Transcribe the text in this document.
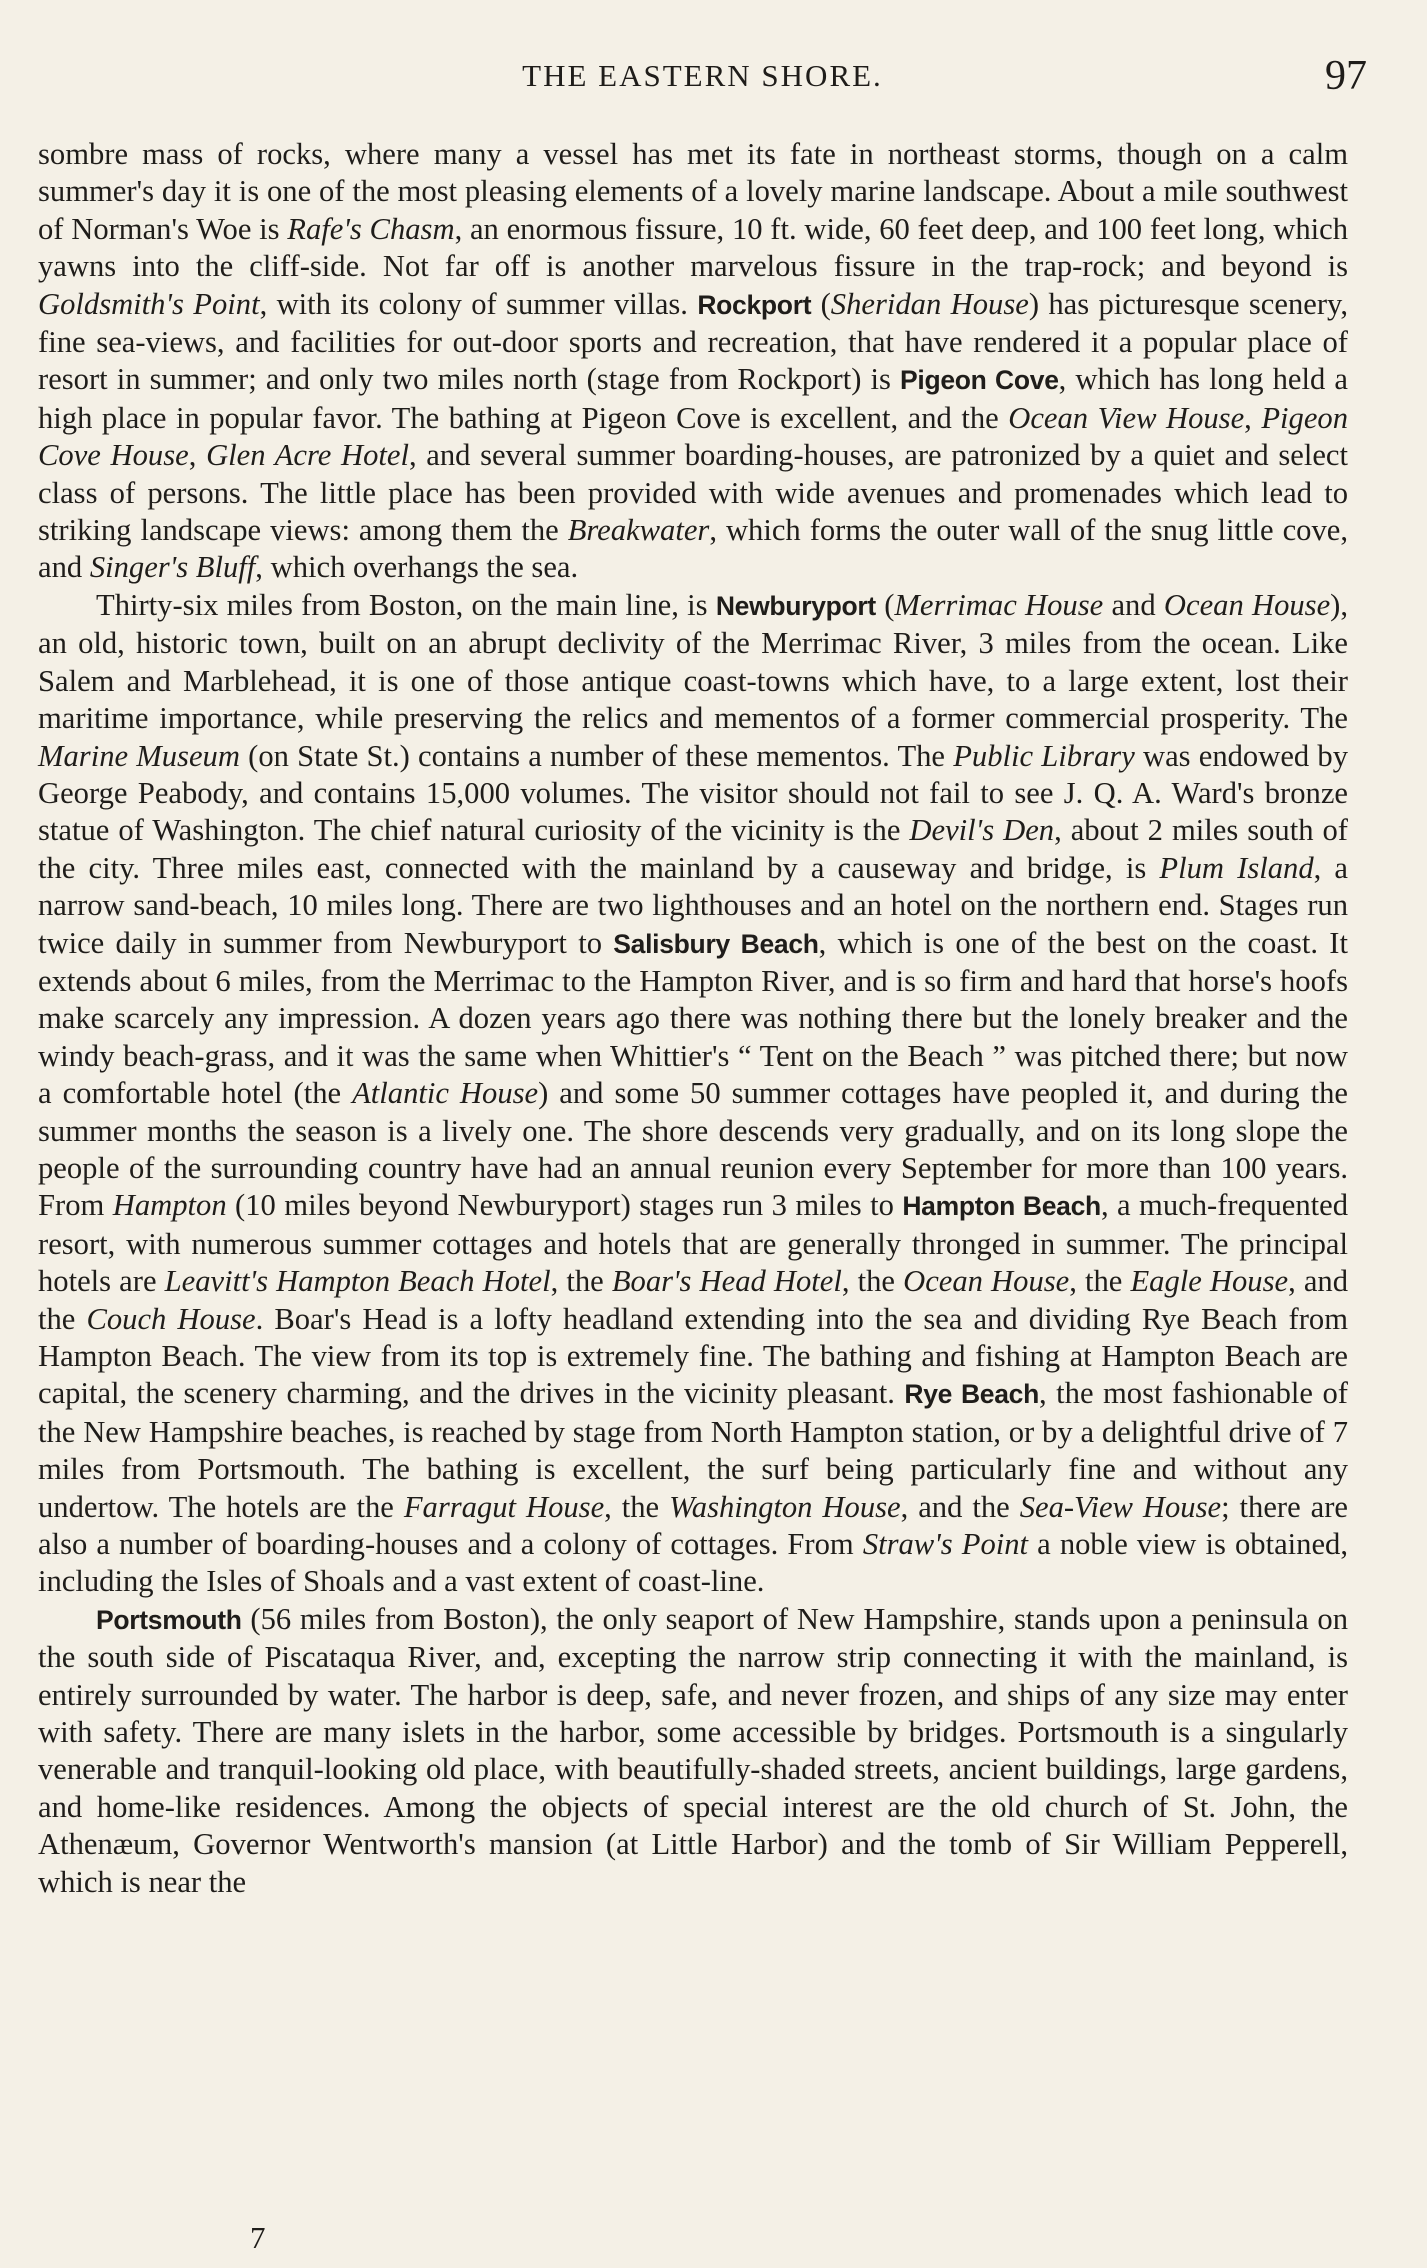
THE EASTERN SHORE.	97

sombre mass of rocks, where many a vessel has met its fate in northeast storms, though on a calm summer's day it is one of the most pleasing elements of a lovely marine landscape. About a mile southwest of Norman's Woe is Rafe's Chasm, an enormous fissure, 10 ft. wide, 60 feet deep, and 100 feet long, which yawns into the cliff-side. Not far off is another marvelous fissure in the trap-rock; and beyond is Goldsmith's Point, with its colony of summer villas. Rockport (Sheridan House) has picturesque scenery, fine sea-views, and facilities for out-door sports and recreation, that have rendered it a popular place of resort in summer; and only two miles north (stage from Rockport) is Pigeon Cove, which has long held a high place in popular favor. The bathing at Pigeon Cove is excellent, and the Ocean View House, Pigeon Cove House, Glen Acre Hotel, and several summer boarding-houses, are patronized by a quiet and select class of persons. The little place has been provided with wide avenues and promenades which lead to striking landscape views: among them the Breakwater, which forms the outer wall of the snug little cove, and Singer's Bluff, which overhangs the sea.

Thirty-six miles from Boston, on the main line, is Newburyport (Merrimac House and Ocean House), an old, historic town, built on an abrupt declivity of the Merrimac River, 3 miles from the ocean. Like Salem and Marblehead, it is one of those antique coast-towns which have, to a large extent, lost their maritime importance, while preserving the relics and mementos of a former commercial prosperity. The Marine Museum (on State St.) contains a number of these mementos. The Public Library was endowed by George Peabody, and contains 15,000 volumes. The visitor should not fail to see J. Q. A. Ward's bronze statue of Washington. The chief natural curiosity of the vicinity is the Devil's Den, about 2 miles south of the city. Three miles east, connected with the mainland by a causeway and bridge, is Plum Island, a narrow sand-beach, 10 miles long. There are two lighthouses and an hotel on the northern end. Stages run twice daily in summer from Newburyport to Salisbury Beach, which is one of the best on the coast. It extends about 6 miles, from the Merrimac to the Hampton River, and is so firm and hard that horse's hoofs make scarcely any impression. A dozen years ago there was nothing there but the lonely breaker and the windy beach-grass, and it was the same when Whittier's “ Tent on the Beach ” was pitched there; but now a comfortable hotel (the Atlantic House) and some 50 summer cottages have peopled it, and during the summer months the season is a lively one. The shore descends very gradually, and on its long slope the people of the surrounding country have had an annual reunion every September for more than 100 years. From Hampton (10 miles beyond Newburyport) stages run 3 miles to Hampton Beach, a much-frequented resort, with numerous summer cottages and hotels that are generally thronged in summer. The principal hotels are Leavitt's Hampton Beach Hotel, the Boar's Head Hotel, the Ocean House, the Eagle House, and the Couch House. Boar's Head is a lofty headland extending into the sea and dividing Rye Beach from Hampton Beach. The view from its top is extremely fine. The bathing and fishing at Hampton Beach are capital, the scenery charming, and the drives in the vicinity pleasant. Rye Beach, the most fashionable of the New Hampshire beaches, is reached by stage from North Hampton station, or by a delightful drive of 7 miles from Portsmouth. The bathing is excellent, the surf being particularly fine and without any undertow. The hotels are the Farragut House, the Washington House, and the Sea-View House; there are also a number of boarding-houses and a colony of cottages. From Straw's Point a noble view is obtained, including the Isles of Shoals and a vast extent of coast-line.

Portsmouth (56 miles from Boston), the only seaport of New Hampshire, stands upon a peninsula on the south side of Piscataqua River, and, excepting the narrow strip connecting it with the mainland, is entirely surrounded by water. The harbor is deep, safe, and never frozen, and ships of any size may enter with safety. There are many islets in the harbor, some accessible by bridges. Portsmouth is a singularly venerable and tranquil-looking old place, with beautifully-shaded streets, ancient buildings, large gardens, and home-like residences. Among the objects of special interest are the old church of St. John, the Athenæum, Governor Wentworth's mansion (at Little Harbor) and the tomb of Sir William Pepperell, which is near the

7
